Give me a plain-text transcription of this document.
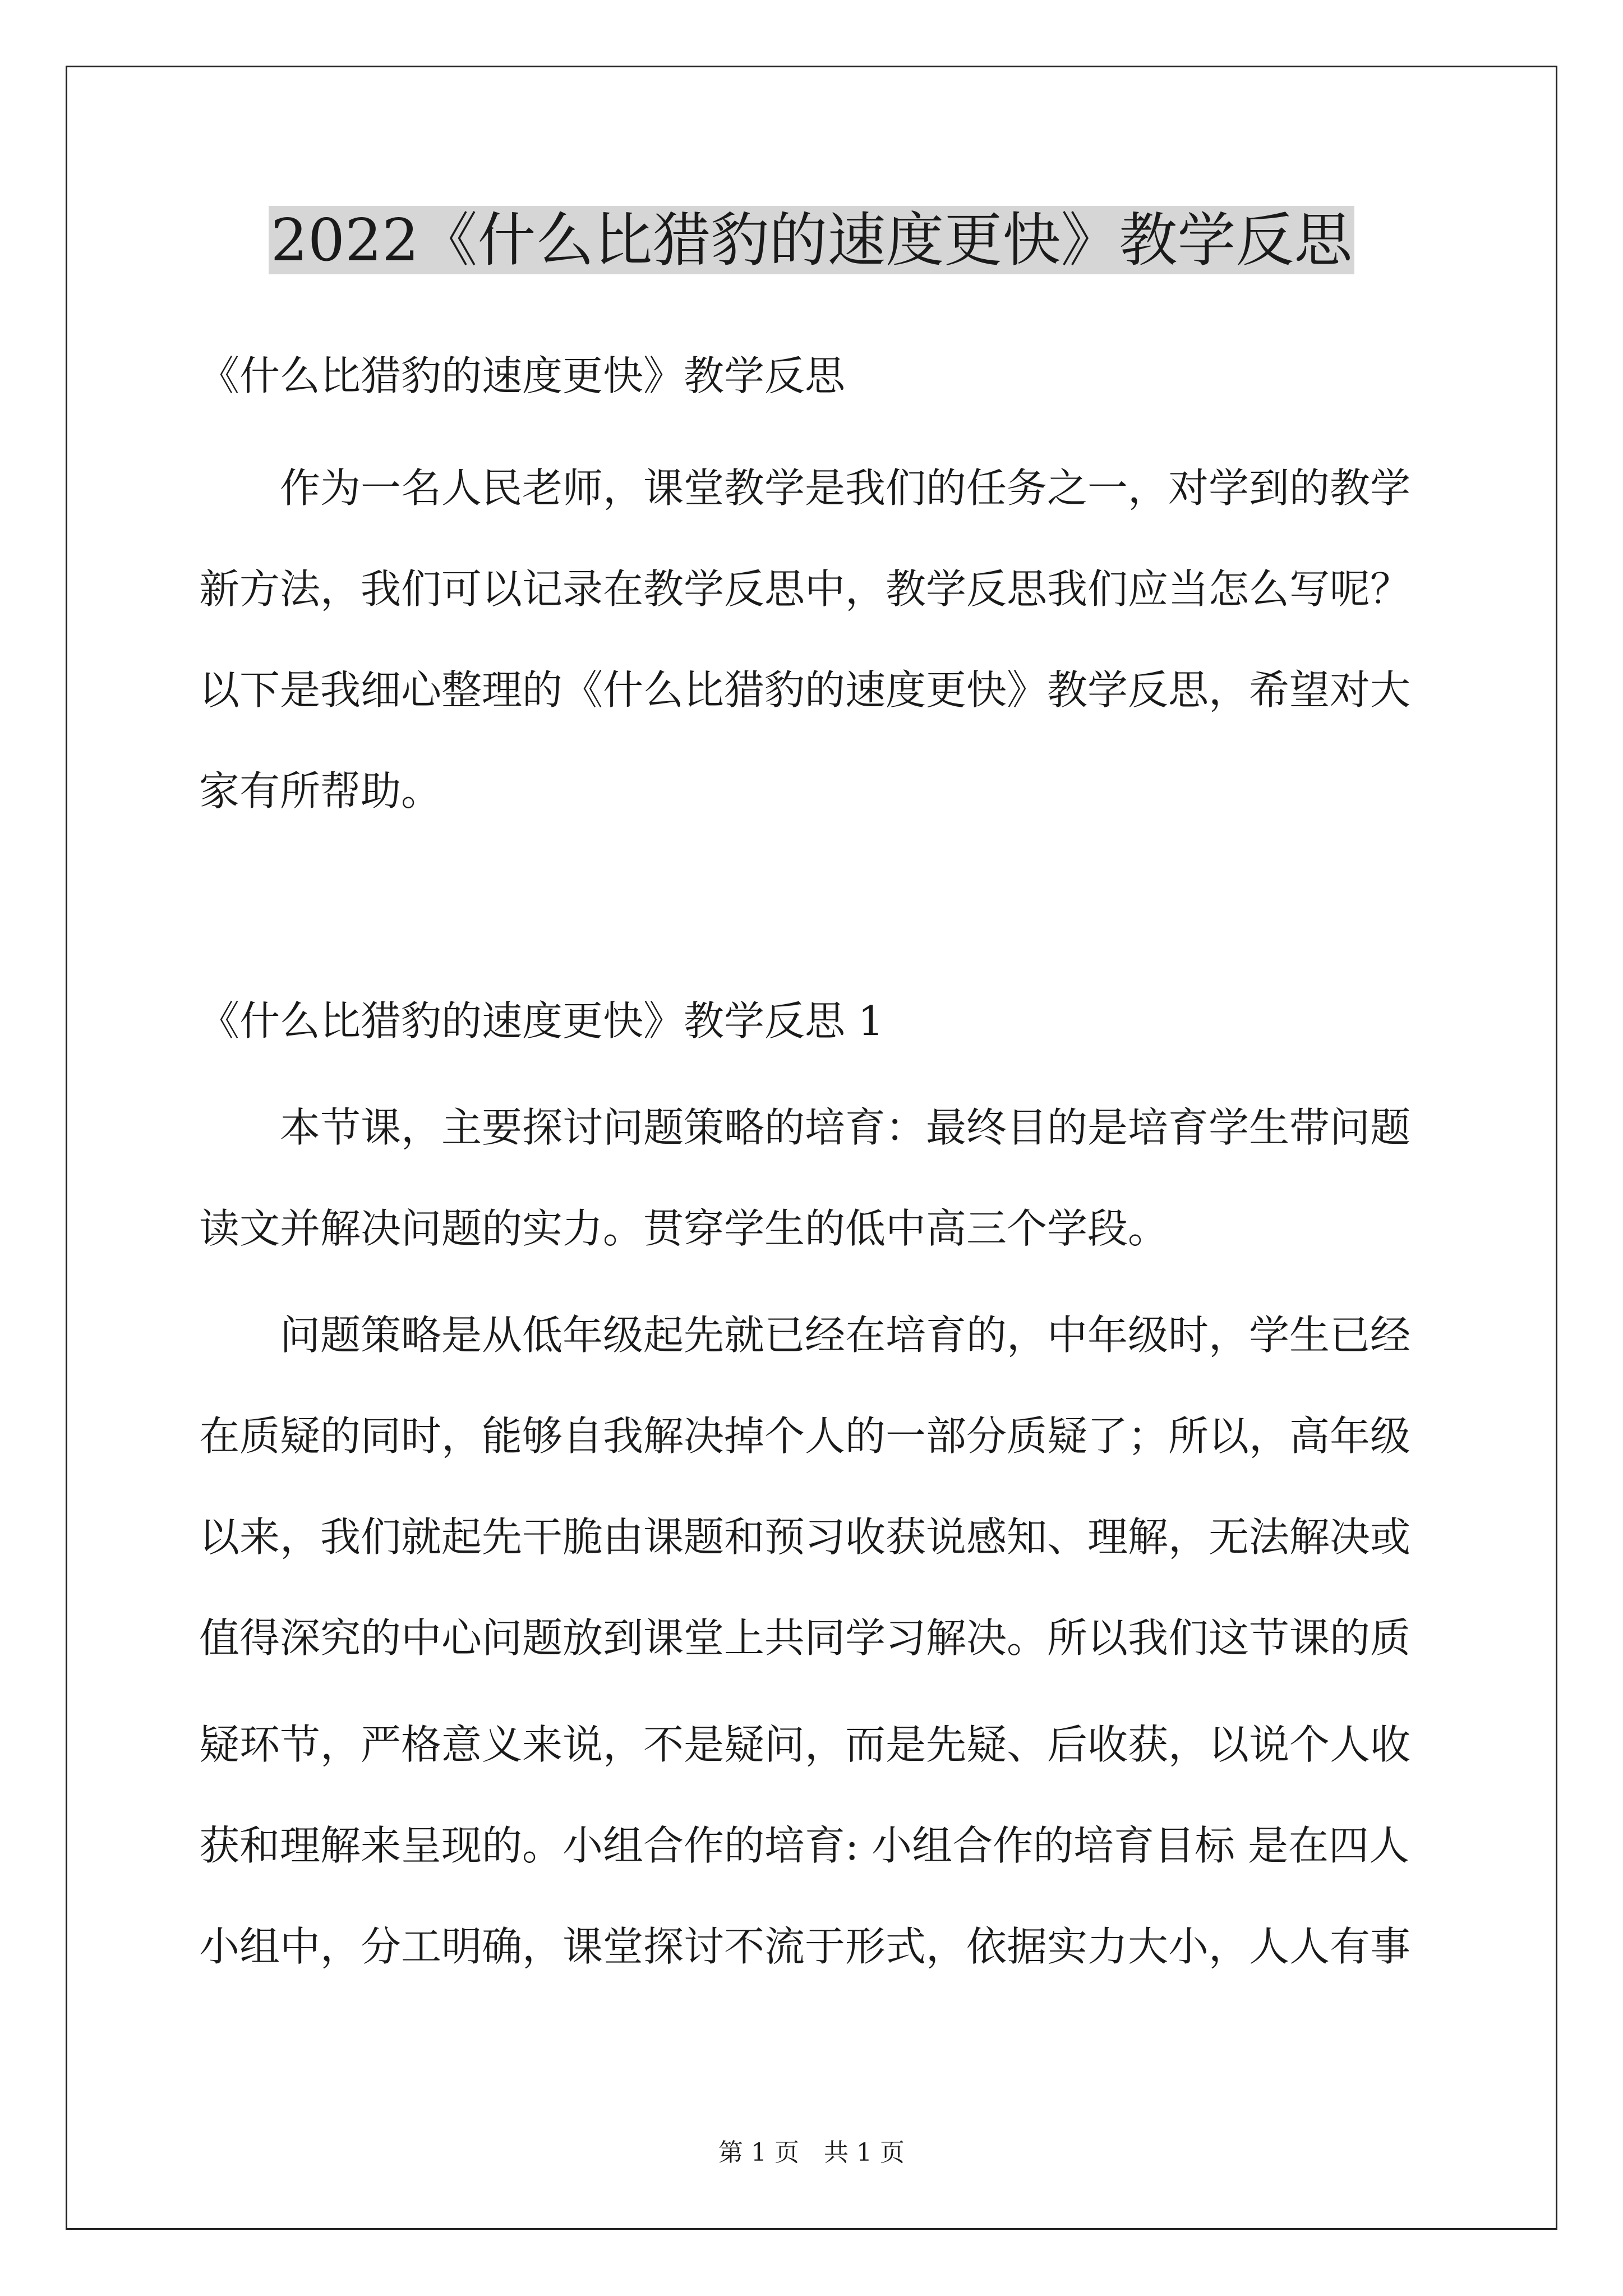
2022《什么比猎豹的速度更快》教学反思

《什么比猎豹的速度更快》教学反思

　　作为一名人民老师，课堂教学是我们的任务之一，对学到的教学

新方法，我们可以记录在教学反思中，教学反思我们应当怎么写呢？

以下是我细心整理的《什么比猎豹的速度更快》教学反思，希望对大

家有所帮助。

《什么比猎豹的速度更快》教学反思 1

　　本节课，主要探讨问题策略的培育：最终目的是培育学生带问题

读文并解决问题的实力。贯穿学生的低中高三个学段。

　　问题策略是从低年级起先就已经在培育的，中年级时，学生已经

在质疑的同时，能够自我解决掉个人的一部分质疑了；所以，高年级

以来，我们就起先干脆由课题和预习收获说感知、理解，无法解决或

值得深究的中心问题放到课堂上共同学习解决。所以我们这节课的质

疑环节，严格意义来说，不是疑问，而是先疑、后收获，以说个人收

获和理解来呈现的。小组合作的培育: 小组合作的培育目标 是在四人

小组中，分工明确，课堂探讨不流于形式，依据实力大小，人人有事

第 1 页　共 1 页
